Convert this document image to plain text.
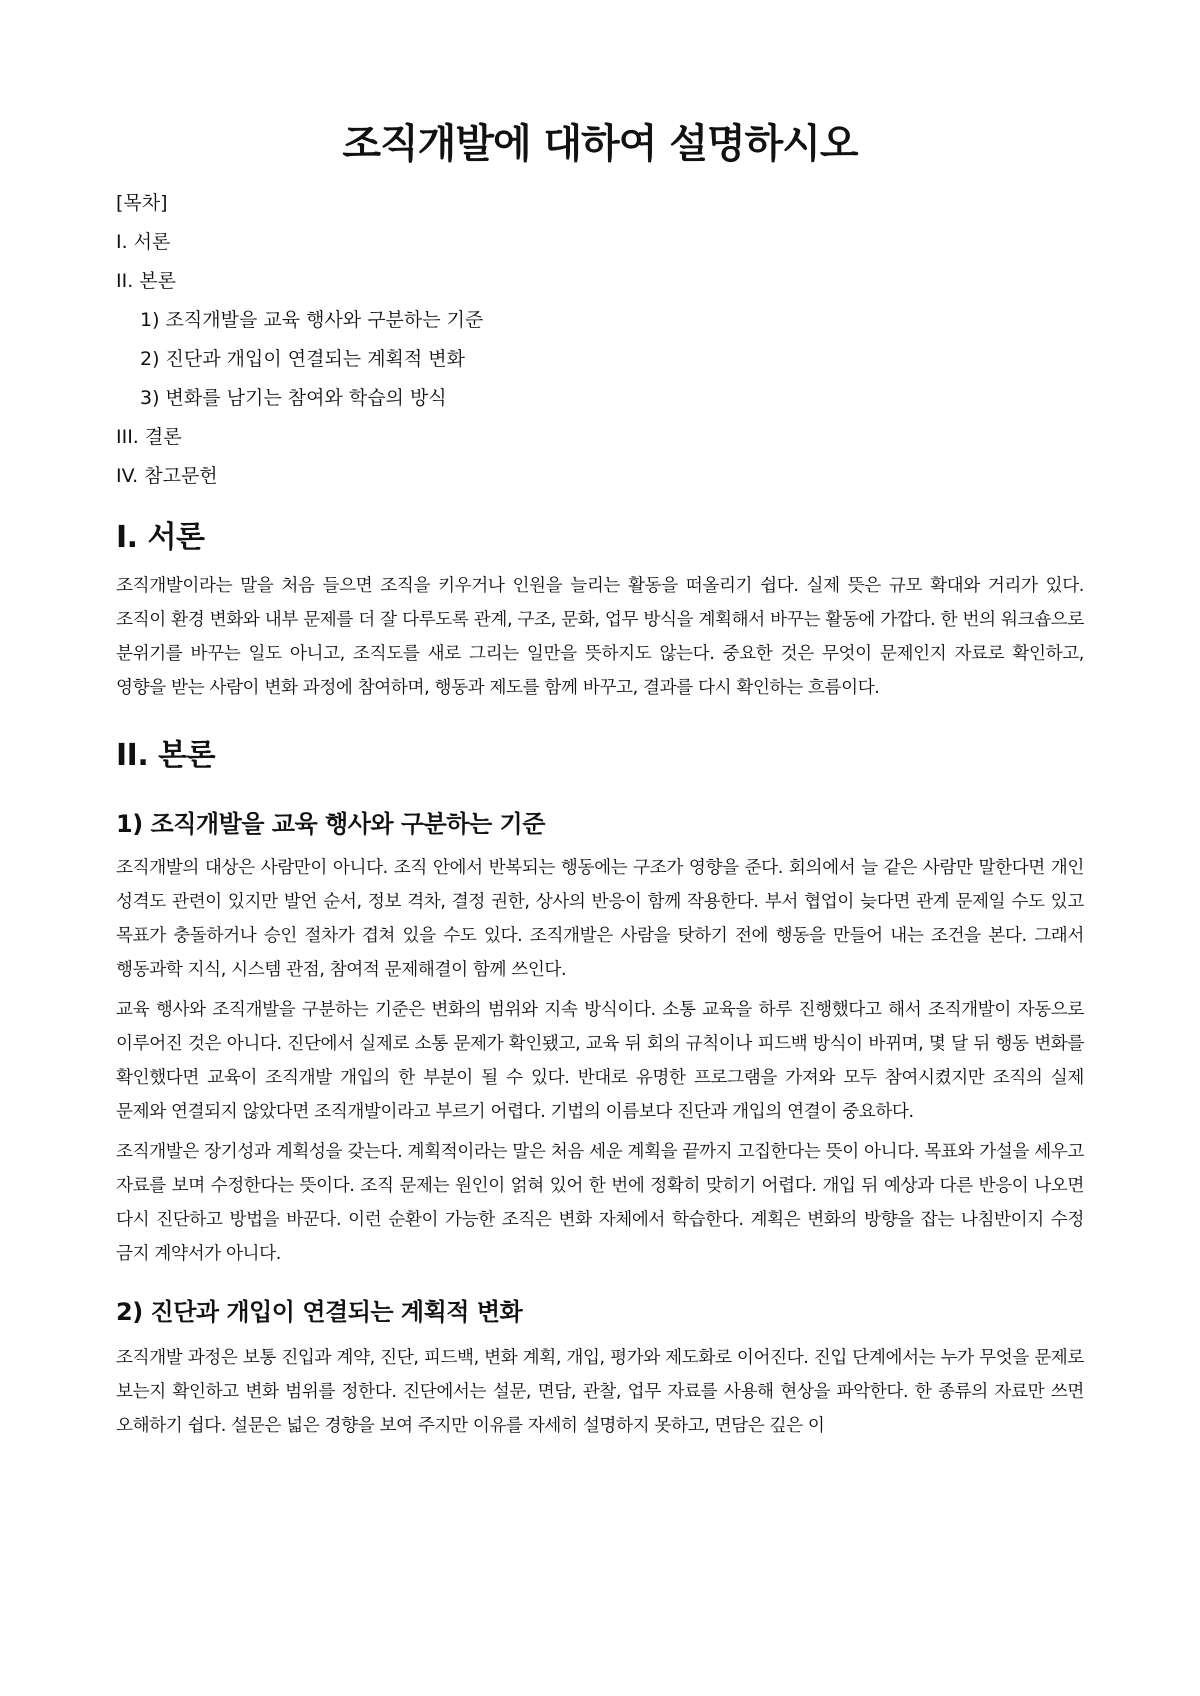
조직개발에 대하여 설명하시오
[목차]
I. 서론
II. 본론
1) 조직개발을 교육 행사와 구분하는 기준
2) 진단과 개입이 연결되는 계획적 변화
3) 변화를 남기는 참여와 학습의 방식
III. 결론
IV. 참고문헌
I. 서론

조직개발이라는 말을 처음 들으면 조직을 키우거나 인원을 늘리는 활동을 떠올리기 쉽다. 실제 뜻은 규모 확대와 거리가 있다. 조직이 환경 변화와 내부 문제를 더 잘 다루도록 관계, 구조, 문화, 업무 방식을 계획해서 바꾸는 활동에 가깝다. 한 번의 워크숍으로 분위기를 바꾸는 일도 아니고, 조직도를 새로 그리는 일만을 뜻하지도 않는다. 중요한 것은 무엇이 문제인지 자료로 확인하고, 영향을 받는 사람이 변화 과정에 참여하며, 행동과 제도를 함께 바꾸고, 결과를 다시 확인하는 흐름이다.

II. 본론
1) 조직개발을 교육 행사와 구분하는 기준

조직개발의 대상은 사람만이 아니다. 조직 안에서 반복되는 행동에는 구조가 영향을 준다. 회의에서 늘 같은 사람만 말한다면 개인 성격도 관련이 있지만 발언 순서, 정보 격차, 결정 권한, 상사의 반응이 함께 작용한다. 부서 협업이 늦다면 관계 문제일 수도 있고 목표가 충돌하거나 승인 절차가 겹쳐 있을 수도 있다. 조직개발은 사람을 탓하기 전에 행동을 만들어 내는 조건을 본다. 그래서 행동과학 지식, 시스템 관점, 참여적 문제해결이 함께 쓰인다.

교육 행사와 조직개발을 구분하는 기준은 변화의 범위와 지속 방식이다. 소통 교육을 하루 진행했다고 해서 조직개발이 자동으로 이루어진 것은 아니다. 진단에서 실제로 소통 문제가 확인됐고, 교육 뒤 회의 규칙이나 피드백 방식이 바뀌며, 몇 달 뒤 행동 변화를 확인했다면 교육이 조직개발 개입의 한 부분이 될 수 있다. 반대로 유명한 프로그램을 가져와 모두 참여시켰지만 조직의 실제 문제와 연결되지 않았다면 조직개발이라고 부르기 어렵다. 기법의 이름보다 진단과 개입의 연결이 중요하다.

조직개발은 장기성과 계획성을 갖는다. 계획적이라는 말은 처음 세운 계획을 끝까지 고집한다는 뜻이 아니다. 목표와 가설을 세우고 자료를 보며 수정한다는 뜻이다. 조직 문제는 원인이 얽혀 있어 한 번에 정확히 맞히기 어렵다. 개입 뒤 예상과 다른 반응이 나오면 다시 진단하고 방법을 바꾼다. 이런 순환이 가능한 조직은 변화 자체에서 학습한다. 계획은 변화의 방향을 잡는 나침반이지 수정 금지 계약서가 아니다.

2) 진단과 개입이 연결되는 계획적 변화

조직개발 과정은 보통 진입과 계약, 진단, 피드백, 변화 계획, 개입, 평가와 제도화로 이어진다. 진입 단계에서는 누가 무엇을 문제로 보는지 확인하고 변화 범위를 정한다. 진단에서는 설문, 면담, 관찰, 업무 자료를 사용해 현상을 파악한다. 한 종류의 자료만 쓰면 오해하기 쉽다. 설문은 넓은 경향을 보여 주지만 이유를 자세히 설명하지 못하고, 면담은 깊은 이
